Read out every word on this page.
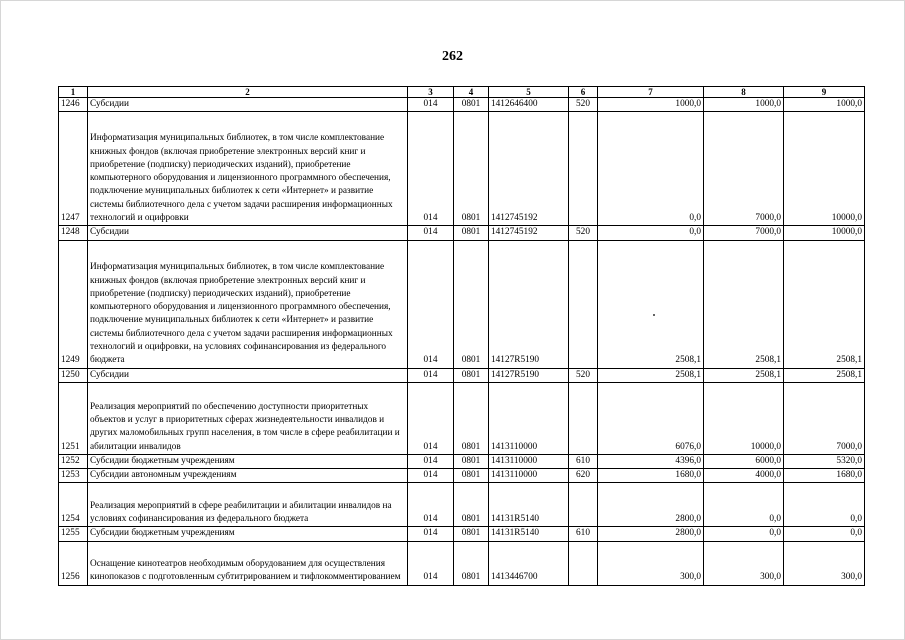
262
1	2	3	4	5	6	7	8	9
1246	Субсидии	014	0801	1412646400	520	1000,0	1000,0	1000,0
1247	Информатизация муниципальных библиотек, в том числе комплектование книжных фондов (включая приобретение электронных версий книг и приобретение (подписку) периодических изданий), приобретение компьютерного оборудования и лицензионного программного обеспечения, подключение муниципальных библиотек к сети «Интернет» и развитие системы библиотечного дела с учетом задачи расширения информационных технологий и оцифровки	014	0801	1412745192		0,0	7000,0	10000,0
1248	Субсидии	014	0801	1412745192	520	0,0	7000,0	10000,0
1249	Информатизация муниципальных библиотек, в том числе комплектование книжных фондов (включая приобретение электронных версий книг и приобретение (подписку) периодических изданий), приобретение компьютерного оборудования и лицензионного программного обеспечения, подключение муниципальных библиотек к сети «Интернет» и развитие системы библиотечного дела с учетом задачи расширения информационных технологий и оцифровки, на условиях софинансирования из федерального бюджета	014	0801	14127R5190		2508,1	2508,1	2508,1
1250	Субсидии	014	0801	14127R5190	520	2508,1	2508,1	2508,1
1251	Реализация мероприятий по обеспечению доступности приоритетных объектов и услуг в приоритетных сферах жизнедеятельности инвалидов и других маломобильных групп населения, в том числе в сфере реабилитации и абилитации инвалидов	014	0801	1413110000		6076,0	10000,0	7000,0
1252	Субсидии бюджетным учреждениям	014	0801	1413110000	610	4396,0	6000,0	5320,0
1253	Субсидии автономным учреждениям	014	0801	1413110000	620	1680,0	4000,0	1680,0
1254	Реализация мероприятий в сфере реабилитации и абилитации инвалидов на условиях софинансирования из федерального бюджета	014	0801	14131R5140		2800,0	0,0	0,0
1255	Субсидии бюджетным учреждениям	014	0801	14131R5140	610	2800,0	0,0	0,0
1256	Оснащение кинотеатров необходимым оборудованием для осуществления кинопоказов с подготовленным субтитрированием и тифлокомментированием	014	0801	1413446700		300,0	300,0	300,0
